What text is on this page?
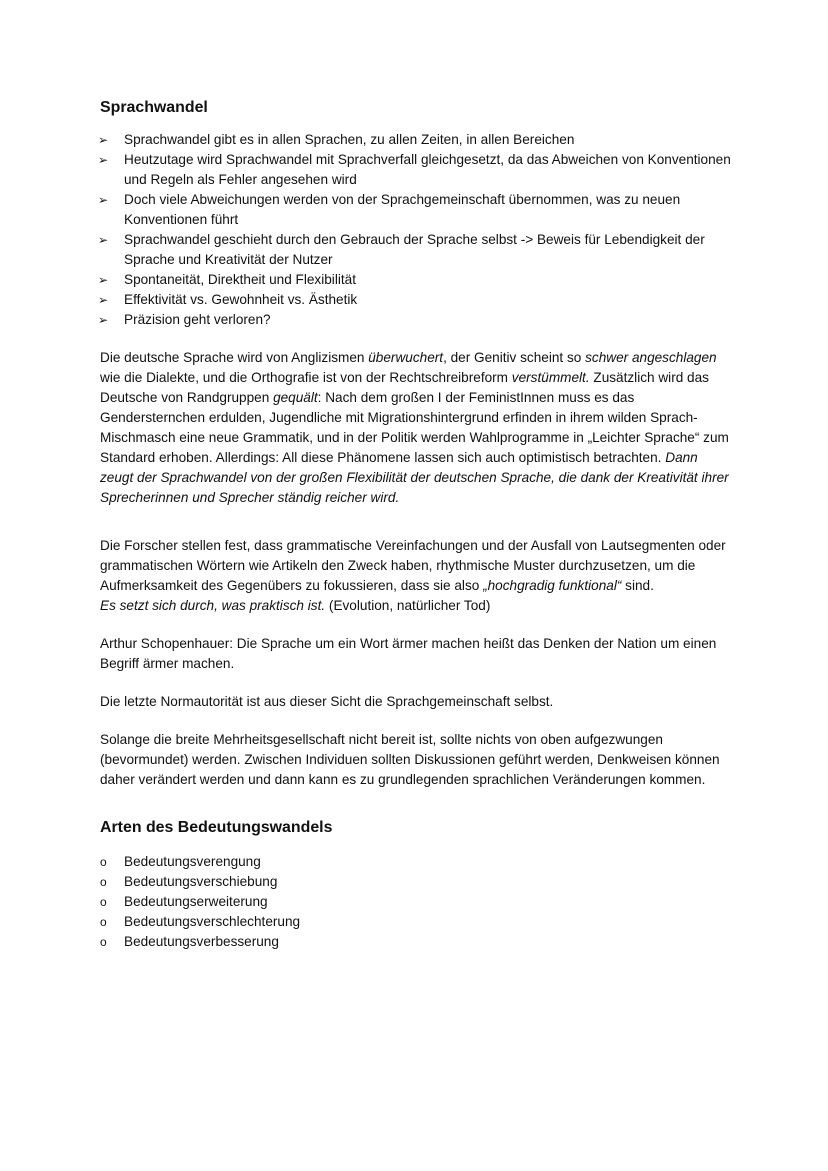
Sprachwandel
➢ Sprachwandel gibt es in allen Sprachen, zu allen Zeiten, in allen Bereichen
➢ Heutzutage wird Sprachwandel mit Sprachverfall gleichgesetzt, da das Abweichen von Konventionen und Regeln als Fehler angesehen wird
➢ Doch viele Abweichungen werden von der Sprachgemeinschaft übernommen, was zu neuen Konventionen führt
➢ Sprachwandel geschieht durch den Gebrauch der Sprache selbst -> Beweis für Lebendigkeit der Sprache und Kreativität der Nutzer
➢ Spontaneität, Direktheit und Flexibilität
➢ Effektivität vs. Gewohnheit vs. Ästhetik
➢ Präzision geht verloren?

Die deutsche Sprache wird von Anglizismen überwuchert, der Genitiv scheint so schwer angeschlagen wie die Dialekte, und die Orthografie ist von der Rechtschreibreform verstümmelt. Zusätzlich wird das Deutsche von Randgruppen gequält: Nach dem großen I der FeministInnen muss es das Gendersternchen erdulden, Jugendliche mit Migrationshintergrund erfinden in ihrem wilden Sprach-Mischmasch eine neue Grammatik, und in der Politik werden Wahlprogramme in „Leichter Sprache“ zum Standard erhoben. Allerdings: All diese Phänomene lassen sich auch optimistisch betrachten. Dann zeugt der Sprachwandel von der großen Flexibilität der deutschen Sprache, die dank der Kreativität ihrer Sprecherinnen und Sprecher ständig reicher wird.

Die Forscher stellen fest, dass grammatische Vereinfachungen und der Ausfall von Lautsegmenten oder grammatischen Wörtern wie Artikeln den Zweck haben, rhythmische Muster durchzusetzen, um die Aufmerksamkeit des Gegenübers zu fokussieren, dass sie also „hochgradig funktional“ sind.
Es setzt sich durch, was praktisch ist. (Evolution, natürlicher Tod)

Arthur Schopenhauer: Die Sprache um ein Wort ärmer machen heißt das Denken der Nation um einen Begriff ärmer machen.

Die letzte Normautorität ist aus dieser Sicht die Sprachgemeinschaft selbst.

Solange die breite Mehrheitsgesellschaft nicht bereit ist, sollte nichts von oben aufgezwungen (bevormundet) werden. Zwischen Individuen sollten Diskussionen geführt werden, Denkweisen können daher verändert werden und dann kann es zu grundlegenden sprachlichen Veränderungen kommen.

Arten des Bedeutungswandels
o Bedeutungsverengung
o Bedeutungsverschiebung
o Bedeutungserweiterung
o Bedeutungsverschlechterung
o Bedeutungsverbesserung
